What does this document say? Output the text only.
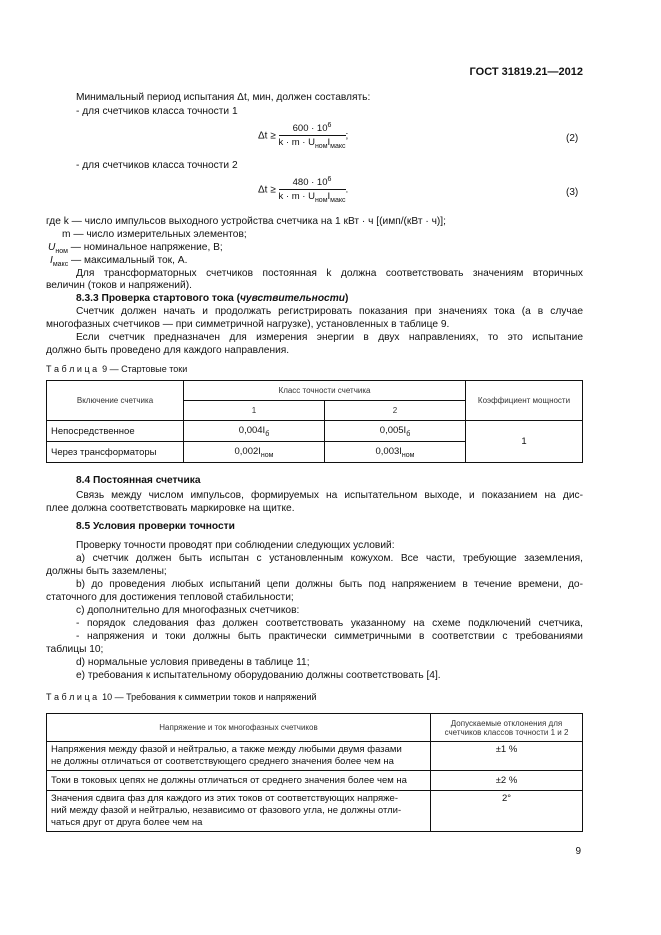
ГОСТ 31819.21—2012
Минимальный период испытания Δt, мин, должен составлять:
- для счетчиков класса точности 1
$\Delta t \ge \frac{600 \cdot 10^6}{k \cdot m \cdot U_{ном}I_{макс}}$ ;	(2)
- для счетчиков класса точности 2
$\Delta t \ge \frac{480 \cdot 10^6}{k \cdot m \cdot U_{ном}I_{макс}}$ .	(3)
где k — число импульсов выходного устройства счетчика на 1 кВт · ч [(имп/(кВт · ч)];
m — число измерительных элементов;
$U_{ном}$ — номинальное напряжение, В;
$I_{макс}$ — максимальный ток, А.
Для трансформаторных счетчиков постоянная k должна соответствовать значениям вторичных
величин (токов и напряжений).
8.3.3 Проверка стартового тока (чувствительности)
Счетчик должен начать и продолжать регистрировать показания при значениях тока (а в случае
многофазных счетчиков — при симметричной нагрузке), установленных в таблице 9.
Если счетчик предназначен для измерения энергии в двух направлениях, то это испытание
должно быть проведено для каждого направления.
Т а б л и ц а 9 — Стартовые токи
Включение счетчика	Класс точности счетчика		Коэффициент мощности
	1	2	
Непосредственное	$0,004I_б$	$0,005I_б$	1
Через трансформаторы	$0,002I_{ном}$	$0,003I_{ном}$
8.4 Постоянная счетчика
Связь между числом импульсов, формируемых на испытательном выходе, и показанием на дис-
плее должна соответствовать маркировке на щитке.
8.5 Условия проверки точности
Проверку точности проводят при соблюдении следующих условий:
a) счетчик должен быть испытан с установленным кожухом. Все части, требующие заземления,
должны быть заземлены;
b) до проведения любых испытаний цепи должны быть под напряжением в течение времени, до-
статочного для достижения тепловой стабильности;
c) дополнительно для многофазных счетчиков:
- порядок следования фаз должен соответствовать указанному на схеме подключений счетчика,
- напряжения и токи должны быть практически симметричными в соответствии с требованиями
таблицы 10;
d) нормальные условия приведены в таблице 11;
e) требования к испытательному оборудованию должны соответствовать [4].
Т а б л и ц а 10 — Требования к симметрии токов и напряжений
Напряжение и ток многофазных счетчиков	Допускаемые отклонения для
счетчиков классов точности 1 и 2
Напряжения между фазой и нейтралью, а также между любыми двумя фазами
не должны отличаться от соответствующего среднего значения более чем на	±1 %
Токи в токовых цепях не должны отличаться от среднего значения более чем на	±2 %
Значения сдвига фаз для каждого из этих токов от соответствующих напряже-
ний между фазой и нейтралью, независимо от фазового угла, не должны отли-
чаться друг от друга более чем на	2°
9
